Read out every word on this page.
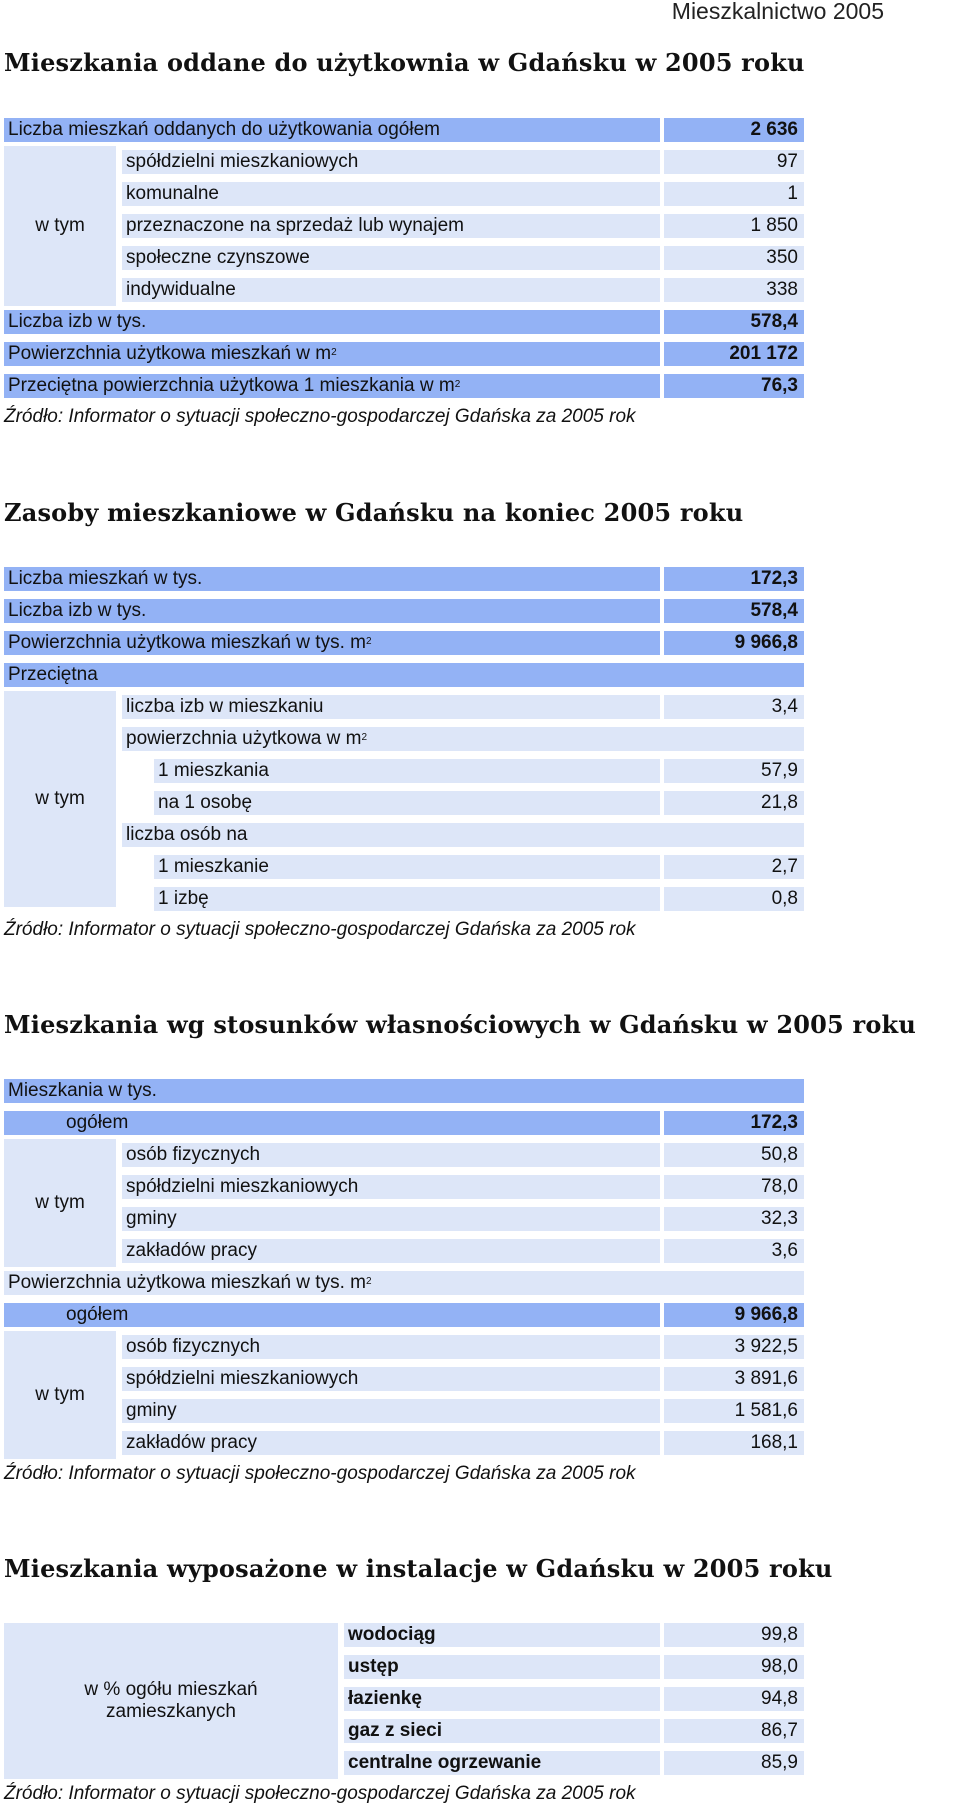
Mieszkalnictwo 2005
Mieszkania oddane do użytkownia w Gdańsku w 2005 roku
Liczba mieszkań oddanych do użytkowania ogółem	2 636
w tym
spółdzielni mieszkaniowych	97
komunalne	1
przeznaczone na sprzedaż lub wynajem	1 850
społeczne czynszowe	350
indywidualne	338
Liczba izb w tys.	578,4
Powierzchnia użytkowa mieszkań w $m^2$	201 172
Przeciętna powierzchnia użytkowa 1 mieszkania w $m^2$	76,3
Źródło: Informator o sytuacji społeczno-gospodarczej Gdańska za 2005 rok
Zasoby mieszkaniowe w Gdańsku na koniec 2005 roku
Liczba mieszkań w tys.	172,3
Liczba izb w tys.	578,4
Powierzchnia użytkowa mieszkań w tys. $m^2$	9 966,8
Przeciętna
w tym
liczba izb w mieszkaniu	3,4
powierzchnia użytkowa w $m^2$
1 mieszkania	57,9
na 1 osobę	21,8
liczba osób na
1 mieszkanie	2,7
1 izbę	0,8
Źródło: Informator o sytuacji społeczno-gospodarczej Gdańska za 2005 rok
Mieszkania wg stosunków własnościowych w Gdańsku w 2005 roku
Mieszkania w tys.
ogółem	172,3
w tym
osób fizycznych	50,8
spółdzielni mieszkaniowych	78,0
gminy	32,3
zakładów pracy	3,6
Powierzchnia użytkowa mieszkań w tys. $m^2$
ogółem	9 966,8
w tym
osób fizycznych	3 922,5
spółdzielni mieszkaniowych	3 891,6
gminy	1 581,6
zakładów pracy	168,1
Źródło: Informator o sytuacji społeczno-gospodarczej Gdańska za 2005 rok
Mieszkania wyposażone w instalacje w Gdańsku w 2005 roku
w % ogółu mieszkań zamieszkanych
wodociąg	99,8
ustęp	98,0
łazienkę	94,8
gaz z sieci	86,7
centralne ogrzewanie	85,9
Źródło: Informator o sytuacji społeczno-gospodarczej Gdańska za 2005 rok
